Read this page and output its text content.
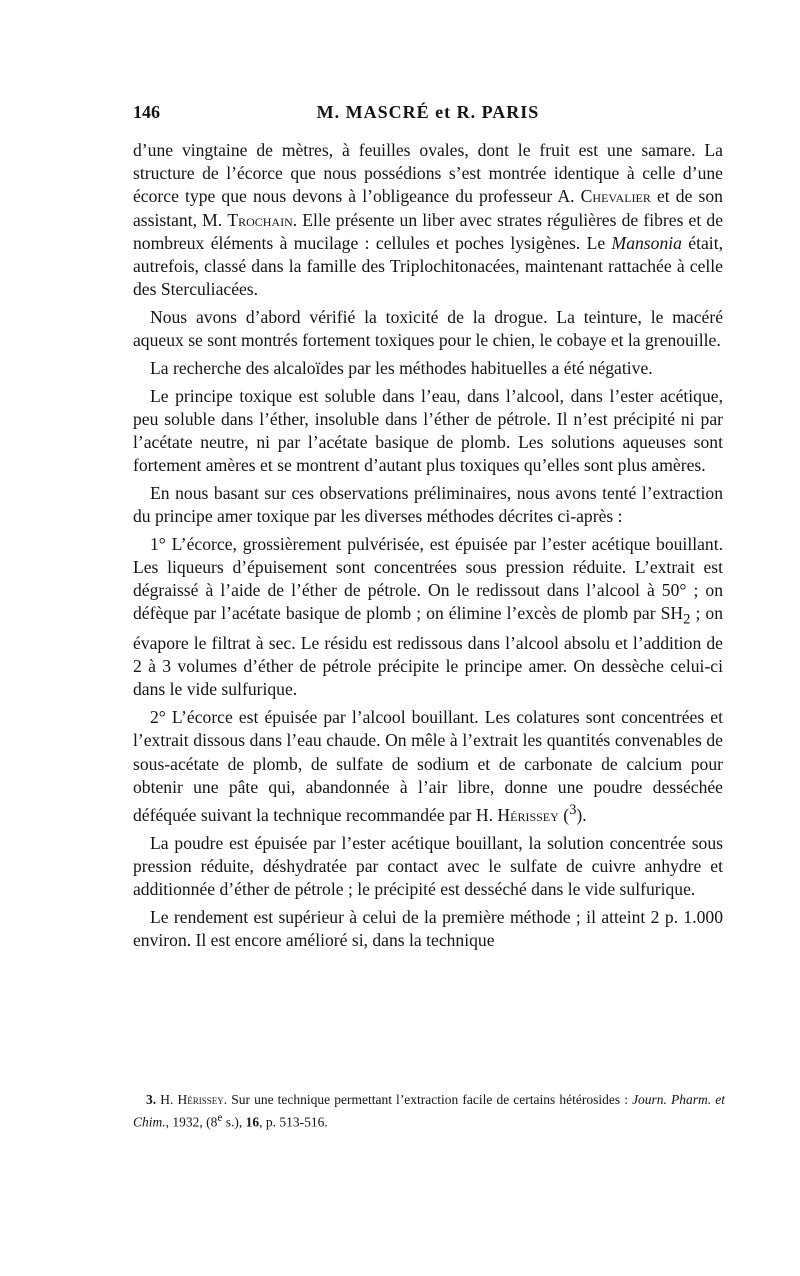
146	M. MASCRÉ et R. PARIS

d’une vingtaine de mètres, à feuilles ovales, dont le fruit est une samare. La structure de l’écorce que nous possédions s’est montrée identique à celle d’une écorce type que nous devons à l’obligeance du professeur A. Chevalier et de son assistant, M. Trochain. Elle présente un liber avec strates régulières de fibres et de nombreux éléments à mucilage : cellules et poches lysigènes. Le Mansonia était, autrefois, classé dans la famille des Triplochitonacées, maintenant rattachée à celle des Sterculiacées.

Nous avons d’abord vérifié la toxicité de la drogue. La teinture, le macéré aqueux se sont montrés fortement toxiques pour le chien, le cobaye et la grenouille.

La recherche des alcaloïdes par les méthodes habituelles a été négative.

Le principe toxique est soluble dans l’eau, dans l’alcool, dans l’ester acétique, peu soluble dans l’éther, insoluble dans l’éther de pétrole. Il n’est précipité ni par l’acétate neutre, ni par l’acétate basique de plomb. Les solutions aqueuses sont fortement amères et se montrent d’autant plus toxiques qu’elles sont plus amères.

En nous basant sur ces observations préliminaires, nous avons tenté l’extraction du principe amer toxique par les diverses méthodes décrites ci-après :

1° L’écorce, grossièrement pulvérisée, est épuisée par l’ester acétique bouillant. Les liqueurs d’épuisement sont concentrées sous pression réduite. L’extrait est dégraissé à l’aide de l’éther de pétrole. On le redissout dans l’alcool à 50° ; on défèque par l’acétate basique de plomb ; on élimine l’excès de plomb par $SH_2$ ; on évapore le filtrat à sec. Le résidu est redissous dans l’alcool absolu et l’addition de 2 à 3 volumes d’éther de pétrole précipite le principe amer. On dessèche celui-ci dans le vide sulfurique.

2° L’écorce est épuisée par l’alcool bouillant. Les colatures sont concentrées et l’extrait dissous dans l’eau chaude. On mêle à l’extrait les quantités convenables de sous-acétate de plomb, de sulfate de sodium et de carbonate de calcium pour obtenir une pâte qui, abandonnée à l’air libre, donne une poudre desséchée déféquée suivant la technique recommandée par H. Hérissey ($^3$).

La poudre est épuisée par l’ester acétique bouillant, la solution concentrée sous pression réduite, déshydratée par contact avec le sulfate de cuivre anhydre et additionnée d’éther de pétrole ; le précipité est desséché dans le vide sulfurique.

Le rendement est supérieur à celui de la première méthode ; il atteint 2 p. 1.000 environ. Il est encore amélioré si, dans la technique

3. H. Hérissey. Sur une technique permettant l’extraction facile de certains hétérosides : Journ. Pharm. et Chim., 1932, (8e s.), 16, p. 513-516.
